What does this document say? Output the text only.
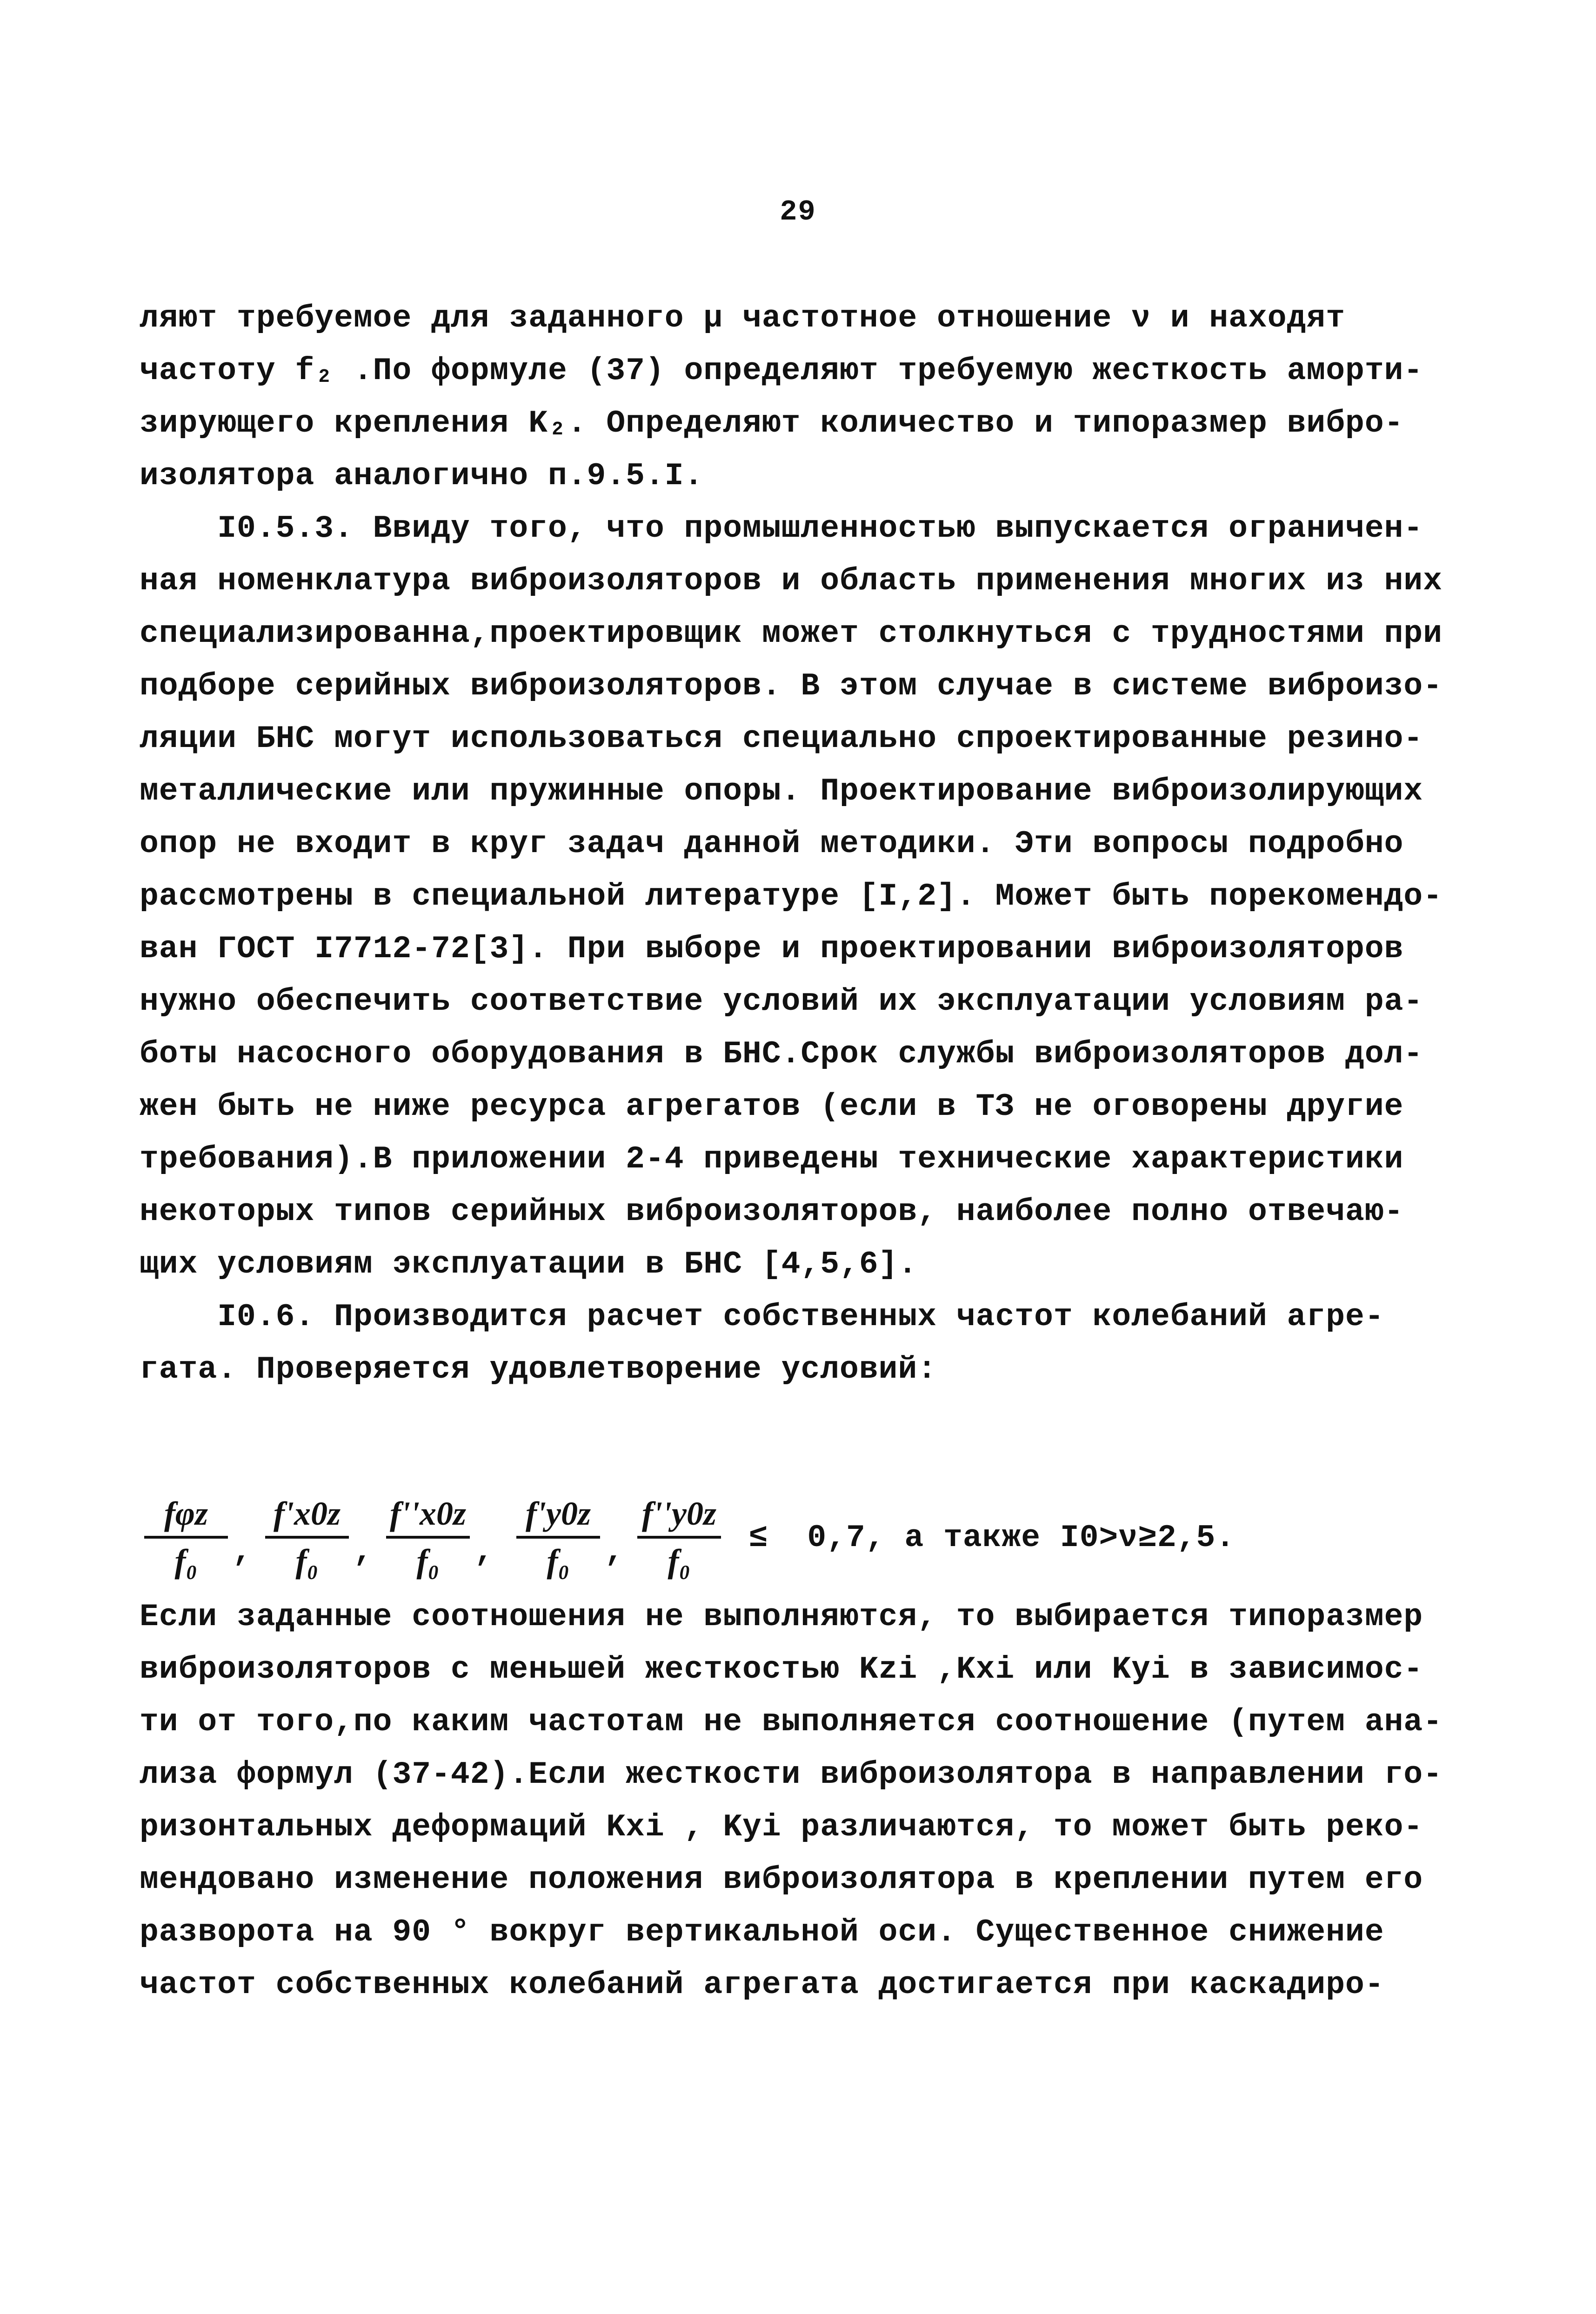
29
ляют требуемое для заданного μ частотное отношение ν и находят
частоту f₂ .По формуле (37) определяют требуемую жесткость аморти-
зирующего крепления K₂. Определяют количество и типоразмер вибро-
изолятора аналогично п.9.5.I.
I0.5.3. Ввиду того, что промышленностью выпускается ограничен-
ная номенклатура виброизоляторов и область применения многих из них
специализированна,проектировщик может столкнуться с трудностями при
подборе серийных виброизоляторов. В этом случае в системе виброизо-
ляции БНС могут использоваться специально спроектированные резино-
металлические или пружинные опоры. Проектирование виброизолирующих
опор не входит в круг задач данной методики. Эти вопросы подробно
рассмотрены в специальной литературе [I,2]. Может быть порекомендо-
ван ГОСТ I7712-72[3]. При выборе и проектировании виброизоляторов
нужно обеспечить соответствие условий их эксплуатации условиям ра-
боты насосного оборудования в БНС.Срок службы виброизоляторов дол-
жен быть не ниже ресурса агрегатов (если в ТЗ не оговорены другие
требования).В приложении 2-4 приведены технические характеристики
некоторых типов серийных виброизоляторов, наиболее полно отвечаю-
щих условиям эксплуатации в БНС [4,5,6].
I0.6. Производится расчет собственных частот колебаний агре-
гата. Проверяется удовлетворение условий:
fφz
f₀	,
f'x0z
f₀	,
f''x0z
f₀	,
f'y0z
f₀	,
f''y0z
f₀
≤  0,7, а также I0>ν≥2,5.
Если заданные соотношения не выполняются, то выбирается типоразмер
виброизоляторов с меньшей жесткостью Kzi ,Kxi или Kyi в зависимос-
ти от того,по каким частотам не выполняется соотношение (путем ана-
лиза формул (37-42).Если жесткости виброизолятора в направлении го-
ризонтальных деформаций Kxi , Kyi различаются, то может быть реко-
мендовано изменение положения виброизолятора в креплении путем его
разворота на 90 ° вокруг вертикальной оси. Существенное снижение
частот собственных колебаний агрегата достигается при каскадиро-
